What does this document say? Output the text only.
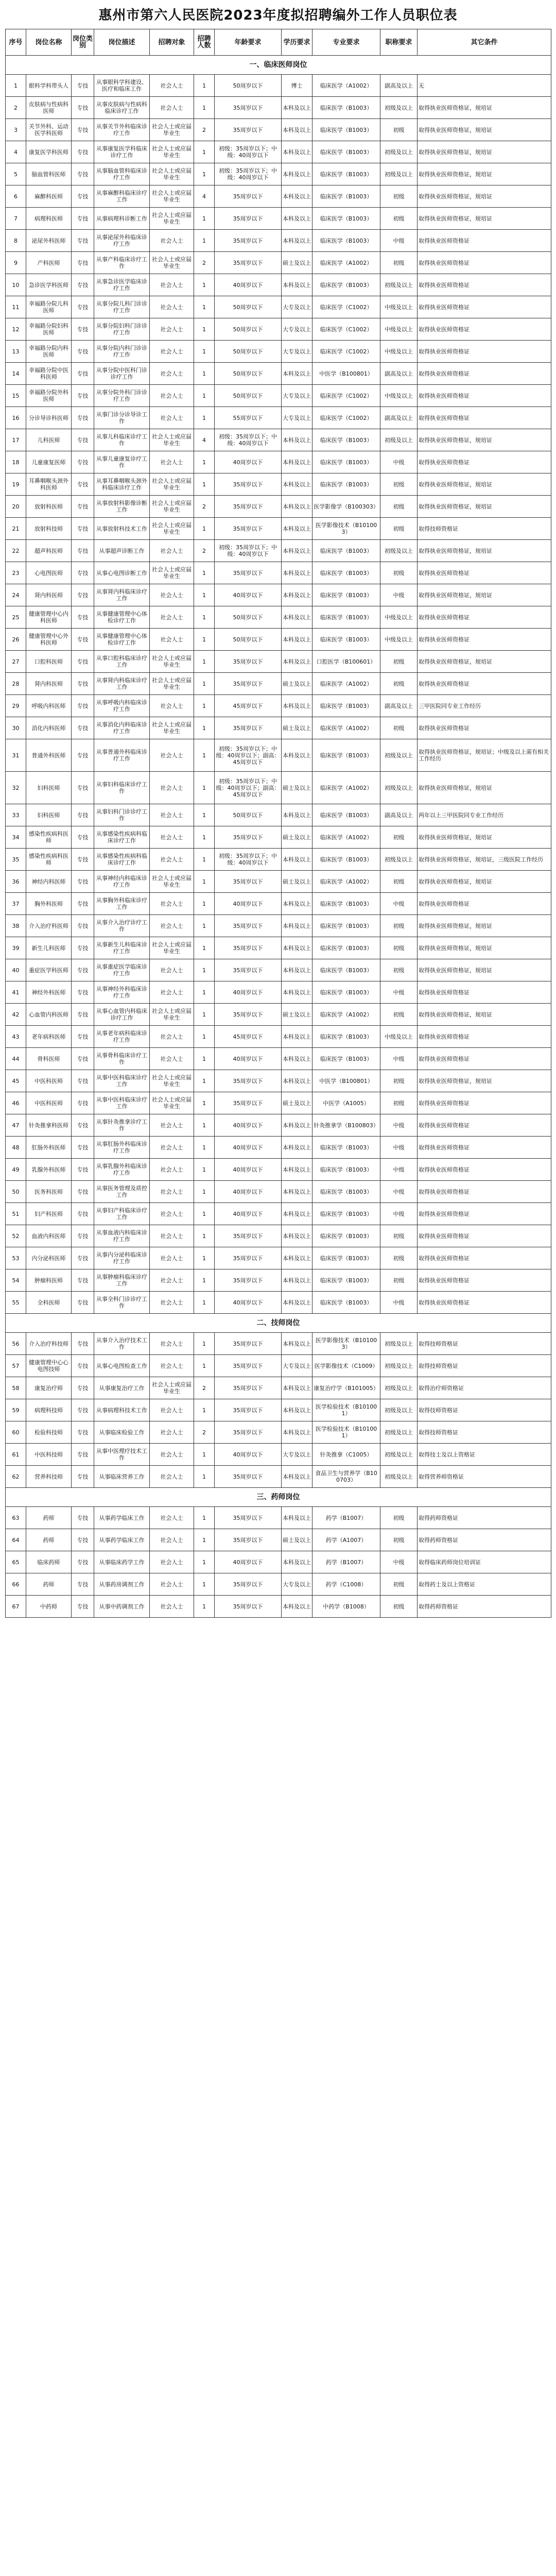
惠州市第六人民医院2023年度拟招聘编外工作人员职位表
序号	岗位名称	岗位类别	岗位描述	招聘对象	招聘人数	年龄要求	学历要求	专业要求	职称要求	其它条件
一、临床医师岗位										
1	眼科学科带头人	专技	从事眼科学科建设、医疗和临床工作	社会人士	1	50周岁以下	博士	临床医学（A1002）	副高及以上	无
2	皮肤病与性病科医师	专技	从事皮肤病与性病科临床诊疗工作	社会人士	1	35周岁以下	本科及以上	临床医学（B1003）	初级及以上	取得执业医师资格证，规培证
3	关节外科、运动医学科医师	专技	从事关节外科临床诊疗工作	社会人士或应届毕业生	2	35周岁以下	本科及以上	临床医学（B1003）	初级	取得执业医师资格证，规培证
4	康复医学科医师	专技	从事康复医学科临床诊疗工作	社会人士或应届毕业生	1	初级：35周岁以下；中级：40周岁以下	本科及以上	临床医学（B1003）	初级及以上	取得执业医师资格证，规培证
5	脑血管科医师	专技	从事脑血管科临床诊疗工作	社会人士或应届毕业生	1	初级：35周岁以下；中级：40周岁以下	本科及以上	临床医学（B1003）	初级及以上	取得执业医师资格证，规培证
6	麻醉科医师	专技	从事麻醉科临床诊疗工作	社会人士或应届毕业生	4	35周岁以下	本科及以上	临床医学（B1003）	初级	取得执业医师资格证，规培证
7	病理科医师	专技	从事病理科诊断工作	社会人士或应届毕业生	1	35周岁以下	本科及以上	临床医学（B1003）	初级	取得执业医师资格证，规培证
8	泌尿外科医师	专技	从事泌尿外科临床诊疗工作	社会人士	1	35周岁以下	本科及以上	临床医学（B1003）	中级	取得执业医师资格证
9	产科医师	专技	从事产科临床诊疗工作	社会人士或应届毕业生	2	35周岁以下	硕士及以上	临床医学（A1002）	初级	取得执业医师资格证
10	急诊医学科医师	专技	从事急诊医学临床诊疗工作	社会人士	1	40周岁以下	本科及以上	临床医学（B1003）	初级及以上	取得执业医师资格证
11	幸福路分院儿科医师	专技	从事分院儿科门诊诊疗工作	社会人士	1	50周岁以下	大专及以上	临床医学（C1002）	中级及以上	取得执业医师资格证
12	幸福路分院妇科医师	专技	从事分院妇科门诊诊疗工作	社会人士	1	50周岁以下	大专及以上	临床医学（C1002）	中级及以上	取得执业医师资格证
13	幸福路分院内科医师	专技	从事分院内科门诊诊疗工作	社会人士	1	50周岁以下	大专及以上	临床医学（C1002）	中级及以上	取得执业医师资格证
14	幸福路分院中医科医师	专技	从事分院中医科门诊诊疗工作	社会人士	1	50周岁以下	本科及以上	中医学（B100801）	副高及以上	取得执业医师资格证
15	幸福路分院外科医师	专技	从事分院外科门诊诊疗工作	社会人士	1	50周岁以下	大专及以上	临床医学（C1002）	中级及以上	取得执业医师资格证
16	分诊导诊科医师	专技	从事门诊分诊导诊工作	社会人士	1	55周岁以下	大专及以上	临床医学（C1002）	副高及以上	取得执业医师资格证
17	儿科医师	专技	从事儿科临床诊疗工作	社会人士或应届毕业生	4	初级：35周岁以下；中级：40周岁以下	本科及以上	临床医学（B1003）	初级及以上	取得执业医师资格证，规培证
18	儿童康复医师	专技	从事儿童康复诊疗工作	社会人士	1	40周岁以下	本科及以上	临床医学（B1003）	中级	取得执业医师资格证
19	耳鼻咽喉头颈外科医师	专技	从事耳鼻咽喉头颈外科临床诊疗工作	社会人士或应届毕业生	1	35周岁以下	本科及以上	临床医学（B1003）	初级	取得执业医师资格证，规培证
20	放射科医师	专技	从事放射科影像诊断工作	社会人士或应届毕业生	2	35周岁以下	本科及以上	医学影像学（B100303）	初级	取得执业医师资格证，规培证
21	放射科技师	专技	从事放射科技术工作	社会人士或应届毕业生	1	35周岁以下	本科及以上	医学影像技术（B101003）	初级	取得技师资格证
22	超声科医师	专技	从事超声诊断工作	社会人士	2	初级：35周岁以下；中级：40周岁以下	本科及以上	临床医学（B1003）	初级及以上	取得执业医师资格证，规培证
23	心电图医师	专技	从事心电图诊断工作	社会人士或应届毕业生	1	35周岁以下	本科及以上	临床医学（B1003）	初级	取得执业医师资格证
24	肾内科医师	专技	从事肾内科临床诊疗工作	社会人士	1	40周岁以下	本科及以上	临床医学（B1003）	中级	取得执业医师资格证，规培证
25	健康管理中心内科医师	专技	从事健康管理中心体检诊疗工作	社会人士	1	50周岁以下	本科及以上	临床医学（B1003）	中级及以上	取得执业医师资格证
26	健康管理中心外科医师	专技	从事健康管理中心体检诊疗工作	社会人士	1	50周岁以下	本科及以上	临床医学（B1003）	中级及以上	取得执业医师资格证
27	口腔科医师	专技	从事口腔科临床诊疗工作	社会人士或应届毕业生	1	35周岁以下	本科及以上	口腔医学（B100601）	初级	取得执业医师资格证，规培证
28	肾内科医师	专技	从事肾内科临床诊疗工作	社会人士或应届毕业生	1	35周岁以下	硕士及以上	临床医学（A1002）	初级	取得执业医师资格证
29	呼吸内科医师	专技	从事呼吸内科临床诊疗工作	社会人士	1	45周岁以下	本科及以上	临床医学（B1003）	副高及以上	三甲医院同专业工作经历
30	消化内科医师	专技	从事消化内科临床诊疗工作	社会人士或应届毕业生	1	35周岁以下	硕士及以上	临床医学（A1002）	初级	取得执业医师资格证
31	普通外科医师	专技	从事普通外科临床诊疗工作	社会人士	1	初级：35周岁以下；中级：40周岁以下；副高：45周岁以下	本科及以上	临床医学（B1003）	初级及以上	取得执业医师资格证，规培证；中级及以上需有相关工作经历
32	妇科医师	专技	从事妇科临床诊疗工作	社会人士	1	初级：35周岁以下；中级：40周岁以下；副高：45周岁以下	硕士及以上	临床医学（A1002）	初级及以上	取得执业医师资格证，规培证
33	妇科医师	专技	从事妇科门诊诊疗工作	社会人士	1	50周岁以下	本科及以上	临床医学（B1003）	副高及以上	两年以上三甲医院同专业工作经历
34	感染性疾病科医师	专技	从事感染性疾病科临床诊疗工作	社会人士	1	35周岁以下	硕士及以上	临床医学（A1002）	初级	取得执业医师资格证，规培证
35	感染性疾病科医师	专技	从事感染性疾病科临床诊疗工作	社会人士	1	初级：35周岁以下；中级：40周岁以下	本科及以上	临床医学（B1003）	初级及以上	取得执业医师资格证，规培证，三级医院工作经历
36	神经内科医师	专技	从事神经内科临床诊疗工作	社会人士或应届毕业生	1	35周岁以下	硕士及以上	临床医学（A1002）	初级	取得执业医师资格证，规培证
37	胸外科医师	专技	从事胸外科临床诊疗工作	社会人士	1	40周岁以下	本科及以上	临床医学（B1003）	中级	取得执业医师资格证
38	介入治疗科医师	专技	从事介入治疗诊疗工作	社会人士	1	35周岁以下	本科及以上	临床医学（B1003）	初级	取得执业医师资格证，规培证
39	新生儿科医师	专技	从事新生儿科临床诊疗工作	社会人士或应届毕业生	1	35周岁以下	本科及以上	临床医学（B1003）	初级	取得执业医师资格证，规培证
40	重症医学科医师	专技	从事重症医学临床诊疗工作	社会人士	1	35周岁以下	本科及以上	临床医学（B1003）	初级	取得执业医师资格证，规培证
41	神经外科医师	专技	从事神经外科临床诊疗工作	社会人士	1	40周岁以下	本科及以上	临床医学（B1003）	中级	取得执业医师资格证
42	心血管内科医师	专技	从事心血管内科临床诊疗工作	社会人士或应届毕业生	1	35周岁以下	硕士及以上	临床医学（A1002）	初级	取得执业医师资格证，规培证
43	老年病科医师	专技	从事老年病科临床诊疗工作	社会人士	1	45周岁以下	本科及以上	临床医学（B1003）	中级及以上	取得执业医师资格证
44	骨科医师	专技	从事骨科临床诊疗工作	社会人士	1	40周岁以下	本科及以上	临床医学（B1003）	中级	取得执业医师资格证
45	中医科医师	专技	从事中医科临床诊疗工作	社会人士或应届毕业生	1	35周岁以下	本科及以上	中医学（B100801）	初级	取得执业医师资格证，规培证
46	中医科医师	专技	从事中医科临床诊疗工作	社会人士或应届毕业生	1	35周岁以下	硕士及以上	中医学（A1005）	初级	取得执业医师资格证
47	针灸推拿科医师	专技	从事针灸推拿诊疗工作	社会人士	1	40周岁以下	本科及以上	针灸推拿学（B100803）	中级	取得执业医师资格证
48	肛肠外科医师	专技	从事肛肠外科临床诊疗工作	社会人士	1	40周岁以下	本科及以上	临床医学（B1003）	中级	取得执业医师资格证
49	乳腺外科医师	专技	从事乳腺外科临床诊疗工作	社会人士	1	40周岁以下	本科及以上	临床医学（B1003）	中级	取得执业医师资格证
50	医务科医师	专技	从事医务管理及质控工作	社会人士	1	40周岁以下	本科及以上	临床医学（B1003）	中级	取得执业医师资格证
51	妇产科医师	专技	从事妇产科临床诊疗工作	社会人士	1	40周岁以下	本科及以上	临床医学（B1003）	中级	取得执业医师资格证
52	血液内科医师	专技	从事血液内科临床诊疗工作	社会人士	1	35周岁以下	本科及以上	临床医学（B1003）	初级	取得执业医师资格证
53	内分泌科医师	专技	从事内分泌科临床诊疗工作	社会人士	1	35周岁以下	本科及以上	临床医学（B1003）	初级	取得执业医师资格证
54	肿瘤科医师	专技	从事肿瘤科临床诊疗工作	社会人士	1	35周岁以下	本科及以上	临床医学（B1003）	初级	取得执业医师资格证
55	全科医师	专技	从事全科门诊诊疗工作	社会人士	1	40周岁以下	本科及以上	临床医学（B1003）	中级	取得执业医师资格证
二、技师岗位										
56	介入治疗科技师	专技	从事介入治疗技术工作	社会人士	1	35周岁以下	本科及以上	医学影像技术（B101003）	初级及以上	取得技师资格证
57	健康管理中心心电图技师	专技	从事心电图检查工作	社会人士	1	35周岁以下	大专及以上	医学影像技术（C1009）	初级及以上	取得技师资格证
58	康复治疗师	专技	从事康复治疗工作	社会人士或应届毕业生	2	35周岁以下	本科及以上	康复治疗学（B101005）	初级及以上	取得治疗师资格证
59	病理科技师	专技	从事病理科技术工作	社会人士	1	35周岁以下	本科及以上	医学检验技术（B101001）	初级及以上	取得技师资格证
60	检验科技师	专技	从事临床检验工作	社会人士	2	35周岁以下	本科及以上	医学检验技术（B101001）	初级及以上	取得技师资格证
61	中医科技师	专技	从事中医理疗技术工作	社会人士	1	40周岁以下	大专及以上	针灸推拿（C1005）	初级及以上	取得技士及以上资格证
62	营养科技师	专技	从事临床营养工作	社会人士	1	35周岁以下	本科及以上	食品卫生与营养学（B100703）	初级及以上	取得营养师资格证
三、药师岗位										
63	药师	专技	从事药学临床工作	社会人士	1	35周岁以下	本科及以上	药学（B1007）	初级	取得药师资格证
64	药师	专技	从事药学临床工作	社会人士	1	35周岁以下	硕士及以上	药学（A1007）	初级	取得药师资格证
65	临床药师	专技	从事临床药学工作	社会人士	1	40周岁以下	本科及以上	药学（B1007）	中级	取得临床药师岗位培训证
66	药师	专技	从事药房调剂工作	社会人士	1	35周岁以下	大专及以上	药学（C1008）	初级	取得药士及以上资格证
67	中药师	专技	从事中药调剂工作	社会人士	1	35周岁以下	本科及以上	中药学（B1008）	初级	取得药师资格证
